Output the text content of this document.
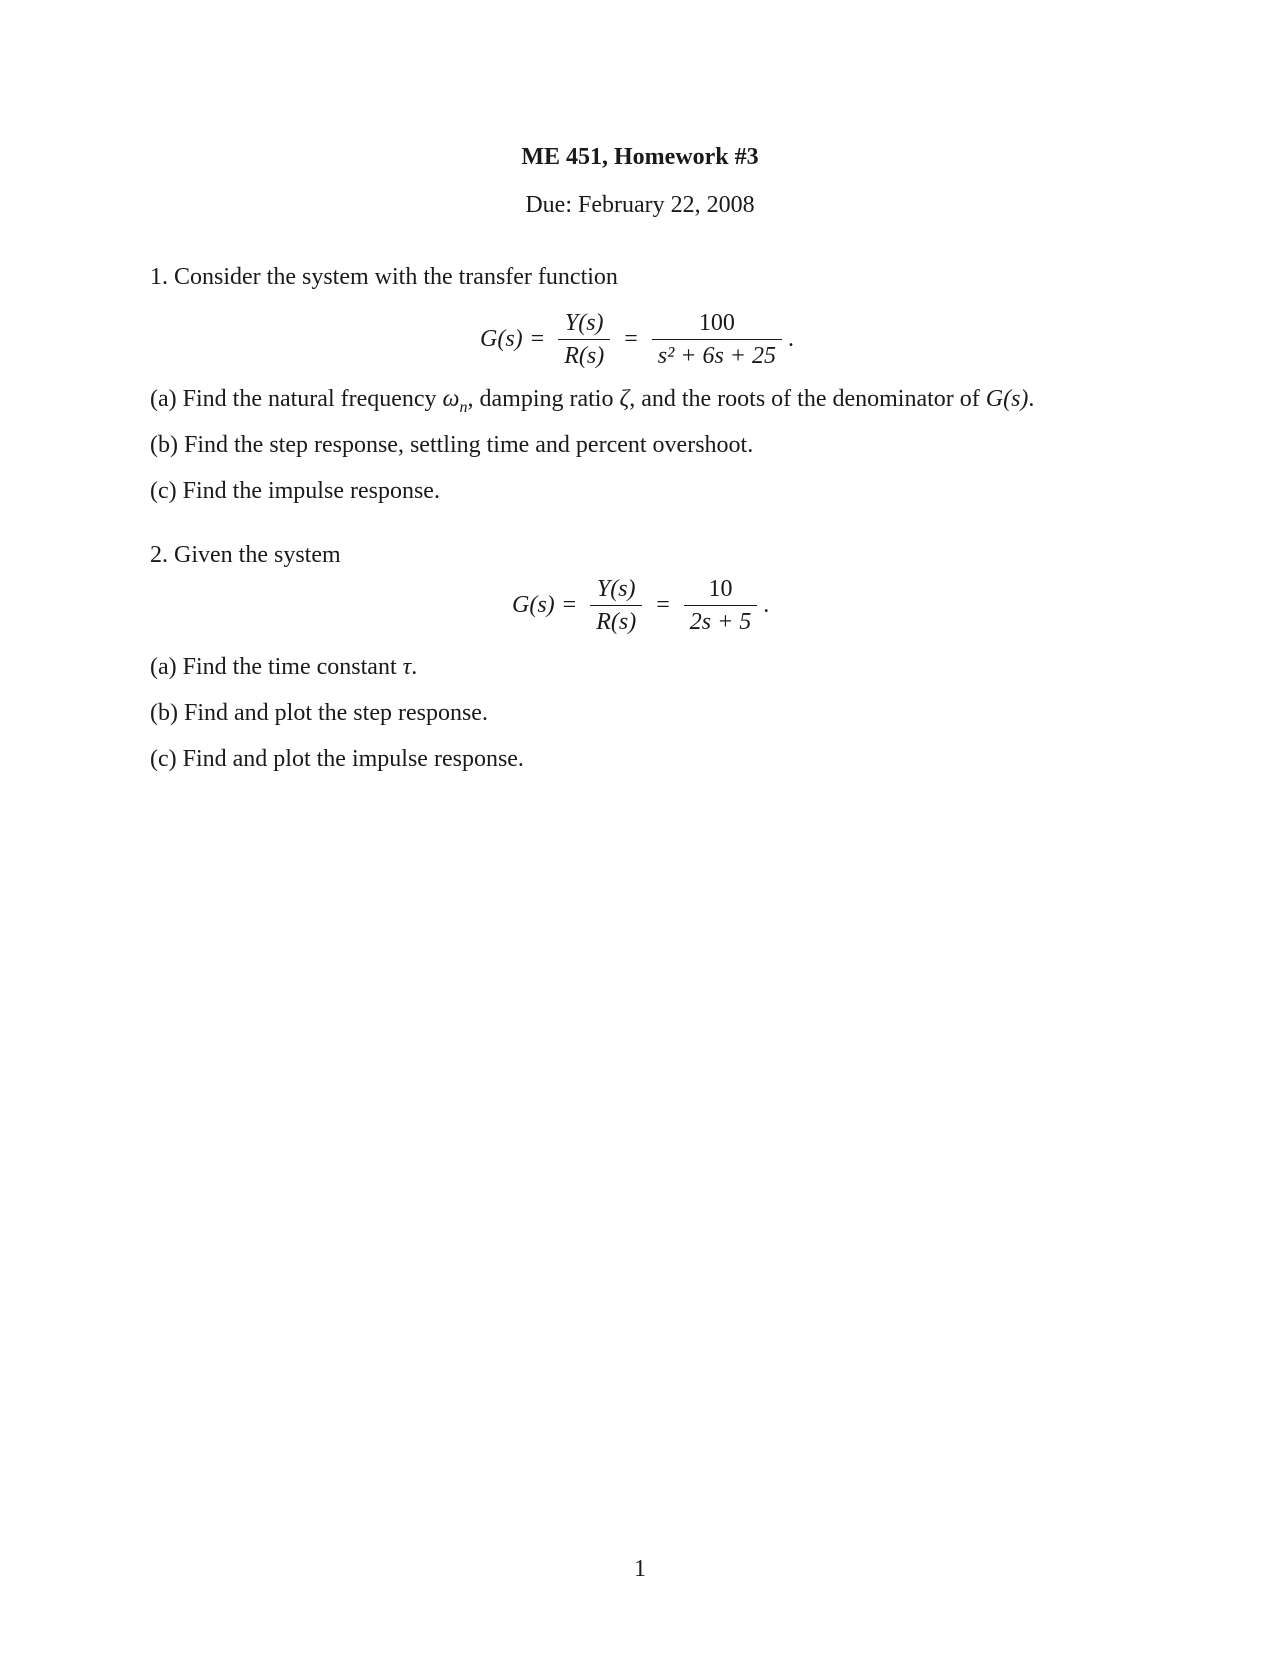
ME 451, Homework #3
Due: February 22, 2008
1. Consider the system with the transfer function
$G(s) = \frac{Y(s)}{R(s)} = \frac{100}{\text{s² + 6s + 25}}$ .
(a) Find the natural frequency $\omega_n$, damping ratio ζ, and the roots of the denominator of G(s).
(b) Find the step response, settling time and percent overshoot.
(c) Find the impulse response.
2. Given the system
$G(s) = \frac{Y(s)}{R(s)} = \frac{10}{2s + 5}$ .
(a) Find the time constant τ.
(b) Find and plot the step response.
(c) Find and plot the impulse response.
1
